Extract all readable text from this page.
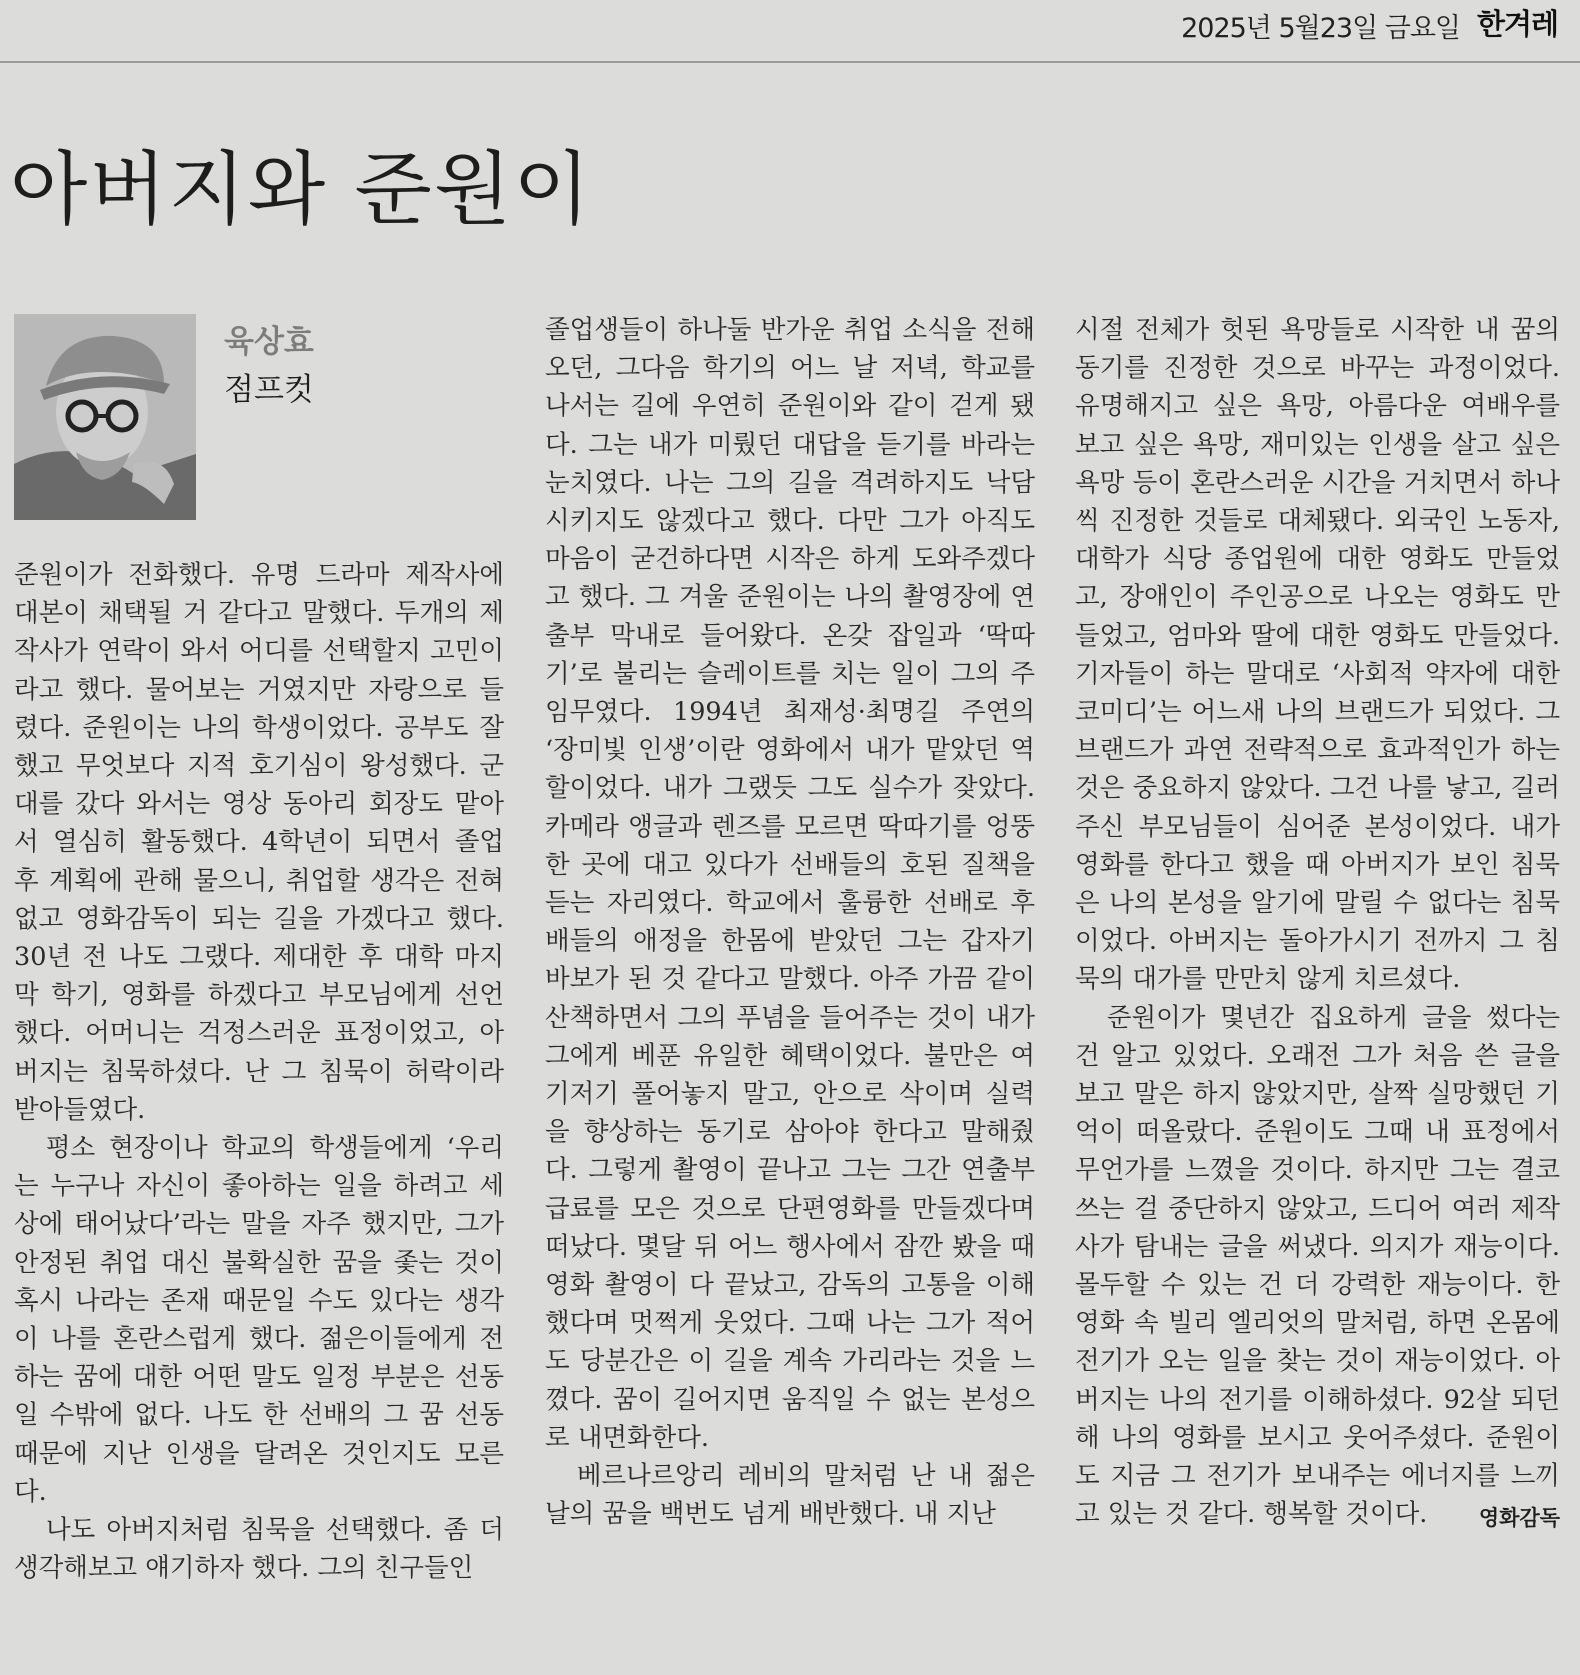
2025년 5월23일 금요일 한겨레
아버지와 준원이
육상효
점프컷

준원이가 전화했다. 유명 드라마 제작사에 대본이 채택될 거 같다고 말했다. 두개의 제작사가 연락이 와서 어디를 선택할지 고민이라고 했다. 물어보는 거였지만 자랑으로 들렸다. 준원이는 나의 학생이었다. 공부도 잘했고 무엇보다 지적 호기심이 왕성했다. 군대를 갔다 와서는 영상 동아리 회장도 맡아서 열심히 활동했다. 4학년이 되면서 졸업 후 계획에 관해 물으니, 취업할 생각은 전혀 없고 영화감독이 되는 길을 가겠다고 했다. 30년 전 나도 그랬다. 제대한 후 대학 마지막 학기, 영화를 하겠다고 부모님에게 선언했다. 어머니는 걱정스러운 표정이었고, 아버지는 침묵하셨다. 난 그 침묵이 허락이라 받아들였다.

평소 현장이나 학교의 학생들에게 ‘우리는 누구나 자신이 좋아하는 일을 하려고 세상에 태어났다’라는 말을 자주 했지만, 그가 안정된 취업 대신 불확실한 꿈을 좇는 것이 혹시 나라는 존재 때문일 수도 있다는 생각이 나를 혼란스럽게 했다. 젊은이들에게 전하는 꿈에 대한 어떤 말도 일정 부분은 선동일 수밖에 없다. 나도 한 선배의 그 꿈 선동 때문에 지난 인생을 달려온 것인지도 모른다.

나도 아버지처럼 침묵을 선택했다. 좀 더 생각해보고 얘기하자 했다. 그의 친구들인

졸업생들이 하나둘 반가운 취업 소식을 전해오던, 그다음 학기의 어느 날 저녁, 학교를 나서는 길에 우연히 준원이와 같이 걷게 됐다. 그는 내가 미뤘던 대답을 듣기를 바라는 눈치였다. 나는 그의 길을 격려하지도 낙담시키지도 않겠다고 했다. 다만 그가 아직도 마음이 굳건하다면 시작은 하게 도와주겠다고 했다. 그 겨울 준원이는 나의 촬영장에 연출부 막내로 들어왔다. 온갖 잡일과 ‘딱따기’로 불리는 슬레이트를 치는 일이 그의 주 임무였다. 1994년 최재성·최명길 주연의 ‘장미빛 인생’이란 영화에서 내가 맡았던 역할이었다. 내가 그랬듯 그도 실수가 잦았다. 카메라 앵글과 렌즈를 모르면 딱따기를 엉뚱한 곳에 대고 있다가 선배들의 호된 질책을 듣는 자리였다. 학교에서 훌륭한 선배로 후배들의 애정을 한몸에 받았던 그는 갑자기 바보가 된 것 같다고 말했다. 아주 가끔 같이 산책하면서 그의 푸념을 들어주는 것이 내가 그에게 베푼 유일한 혜택이었다. 불만은 여기저기 풀어놓지 말고, 안으로 삭이며 실력을 향상하는 동기로 삼아야 한다고 말해줬다. 그렇게 촬영이 끝나고 그는 그간 연출부 급료를 모은 것으로 단편영화를 만들겠다며 떠났다. 몇달 뒤 어느 행사에서 잠깐 봤을 때 영화 촬영이 다 끝났고, 감독의 고통을 이해했다며 멋쩍게 웃었다. 그때 나는 그가 적어도 당분간은 이 길을 계속 가리라는 것을 느꼈다. 꿈이 길어지면 움직일 수 없는 본성으로 내면화한다.

베르나르앙리 레비의 말처럼 난 내 젊은 날의 꿈을 백번도 넘게 배반했다. 내 지난

시절 전체가 헛된 욕망들로 시작한 내 꿈의 동기를 진정한 것으로 바꾸는 과정이었다. 유명해지고 싶은 욕망, 아름다운 여배우를 보고 싶은 욕망, 재미있는 인생을 살고 싶은 욕망 등이 혼란스러운 시간을 거치면서 하나씩 진정한 것들로 대체됐다. 외국인 노동자, 대학가 식당 종업원에 대한 영화도 만들었고, 장애인이 주인공으로 나오는 영화도 만들었고, 엄마와 딸에 대한 영화도 만들었다. 기자들이 하는 말대로 ‘사회적 약자에 대한 코미디’는 어느새 나의 브랜드가 되었다. 그 브랜드가 과연 전략적으로 효과적인가 하는 것은 중요하지 않았다. 그건 나를 낳고, 길러주신 부모님들이 심어준 본성이었다. 내가 영화를 한다고 했을 때 아버지가 보인 침묵은 나의 본성을 알기에 말릴 수 없다는 침묵이었다. 아버지는 돌아가시기 전까지 그 침묵의 대가를 만만치 않게 치르셨다.

준원이가 몇년간 집요하게 글을 썼다는 건 알고 있었다. 오래전 그가 처음 쓴 글을 보고 말은 하지 않았지만, 살짝 실망했던 기억이 떠올랐다. 준원이도 그때 내 표정에서 무언가를 느꼈을 것이다. 하지만 그는 결코 쓰는 걸 중단하지 않았고, 드디어 여러 제작사가 탐내는 글을 써냈다. 의지가 재능이다. 몰두할 수 있는 건 더 강력한 재능이다. 한 영화 속 빌리 엘리엇의 말처럼, 하면 온몸에 전기가 오는 일을 찾는 것이 재능이었다. 아버지는 나의 전기를 이해하셨다. 92살 되던 해 나의 영화를 보시고 웃어주셨다. 준원이도 지금 그 전기가 보내주는 에너지를 느끼고 있는 것 같다. 행복할 것이다.	영화감독
